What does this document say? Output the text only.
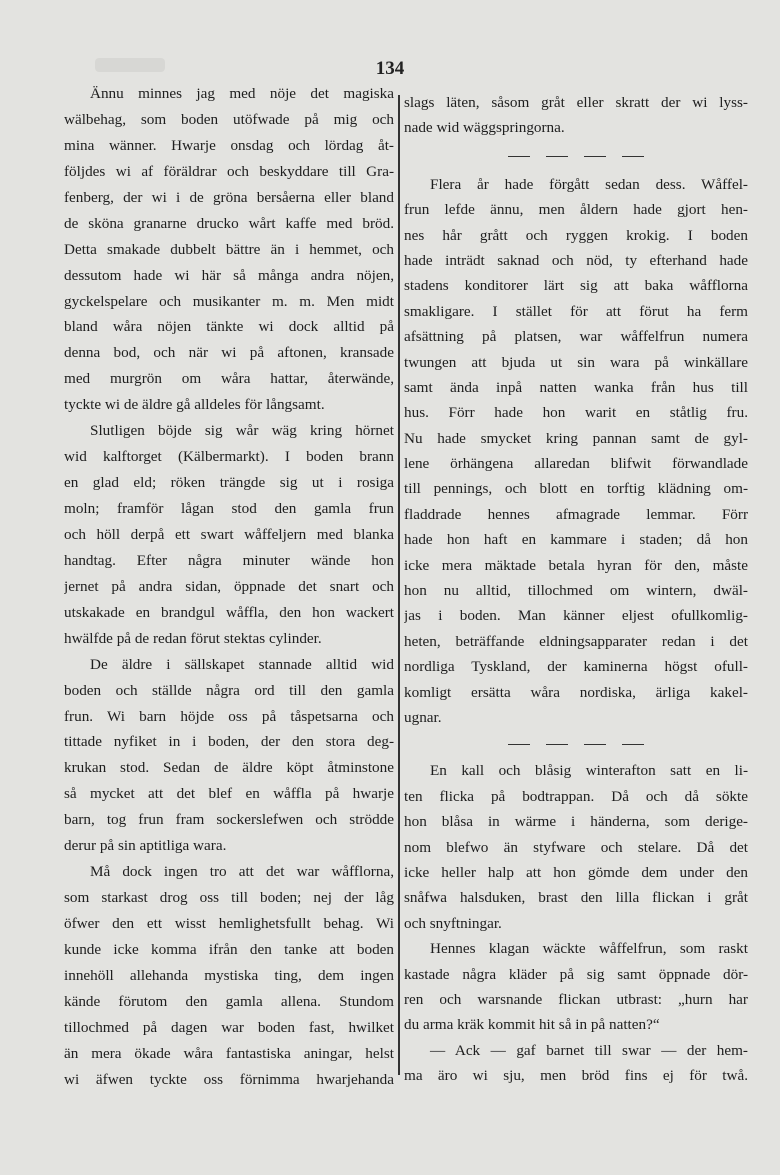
134
Ännu minnes jag med nöje det magiska
wälbehag, som boden utöfwade på mig och
mina wänner. Hwarje onsdag och lördag åt-
följdes wi af föräldrar och beskyddare till Gra-
fenberg, der wi i de gröna bersåerna eller bland
de sköna granarne drucko wårt kaffe med bröd.
Detta smakade dubbelt bättre än i hemmet, och
dessutom hade wi här så många andra nöjen,
gyckelspelare och musikanter m. m. Men midt
bland wåra nöjen tänkte wi dock alltid på
denna bod, och när wi på aftonen, kransade
med murgrön om wåra hattar, återwände,
tyckte wi de äldre gå alldeles för långsamt.
Slutligen böjde sig wår wäg kring hörnet
wid kalftorget (Kälbermarkt). I boden brann
en glad eld; röken trängde sig ut i rosiga
moln; framför lågan stod den gamla frun
och höll derpå ett swart wåffeljern med blanka
handtag. Efter några minuter wände hon
jernet på andra sidan, öppnade det snart och
utskakade en brandgul wåffla, den hon wackert
hwälfde på de redan förut stektas cylinder.
De äldre i sällskapet stannade alltid wid
boden och ställde några ord till den gamla
frun. Wi barn höjde oss på tåspetsarna och
tittade nyfiket in i boden, der den stora deg-
krukan stod. Sedan de äldre köpt åtminstone
så mycket att det blef en wåffla på hwarje
barn, tog frun fram sockerslefwen och strödde
derur på sin aptitliga wara.
Må dock ingen tro att det war wåfflorna,
som starkast drog oss till boden; nej der låg
öfwer den ett wisst hemlighetsfullt behag. Wi
kunde icke komma ifrån den tanke att boden
innehöll allehanda mystiska ting, dem ingen
kände förutom den gamla allena. Stundom
tillochmed på dagen war boden fast, hwilket
än mera ökade wåra fantastiska aningar, helst
wi äfwen tyckte oss förnimma hwarjehanda
slags läten, såsom gråt eller skratt der wi lyss-
nade wid wäggspringorna.
Flera år hade förgått sedan dess. Wåffel-
frun lefde ännu, men åldern hade gjort hen-
nes hår grått och ryggen krokig. I boden
hade inträdt saknad och nöd, ty efterhand hade
stadens konditorer lärt sig att baka wåfflorna
smakligare. I stället för att förut ha ferm
afsättning på platsen, war wåffelfrun numera
twungen att bjuda ut sin wara på winkällare
samt ända inpå natten wanka från hus till
hus. Förr hade hon warit en ståtlig fru.
Nu hade smycket kring pannan samt de gyl-
lene örhängena allaredan blifwit förwandlade
till pennings, och blott en torftig klädning om-
fladdrade hennes afmagrade lemmar. Förr
hade hon haft en kammare i staden; då hon
icke mera mäktade betala hyran för den, måste
hon nu alltid, tillochmed om wintern, dwäl-
jas i boden. Man känner eljest ofullkomlig-
heten, beträffande eldningsapparater redan i det
nordliga Tyskland, der kaminerna högst ofull-
komligt ersätta wåra nordiska, ärliga kakel-
ugnar.
En kall och blåsig winterafton satt en li-
ten flicka på bodtrappan. Då och då sökte
hon blåsa in wärme i händerna, som derige-
nom blefwo än styfware och stelare. Då det
icke heller halp att hon gömde dem under den
snåfwa halsduken, brast den lilla flickan i gråt
och snyftningar.
Hennes klagan wäckte wåffelfrun, som raskt
kastade några kläder på sig samt öppnade dör-
ren och warsnande flickan utbrast: „hurn har
du arma kräk kommit hit så in på natten?“
— Ack — gaf barnet till swar — der hem-
ma äro wi sju, men bröd fins ej för twå.
